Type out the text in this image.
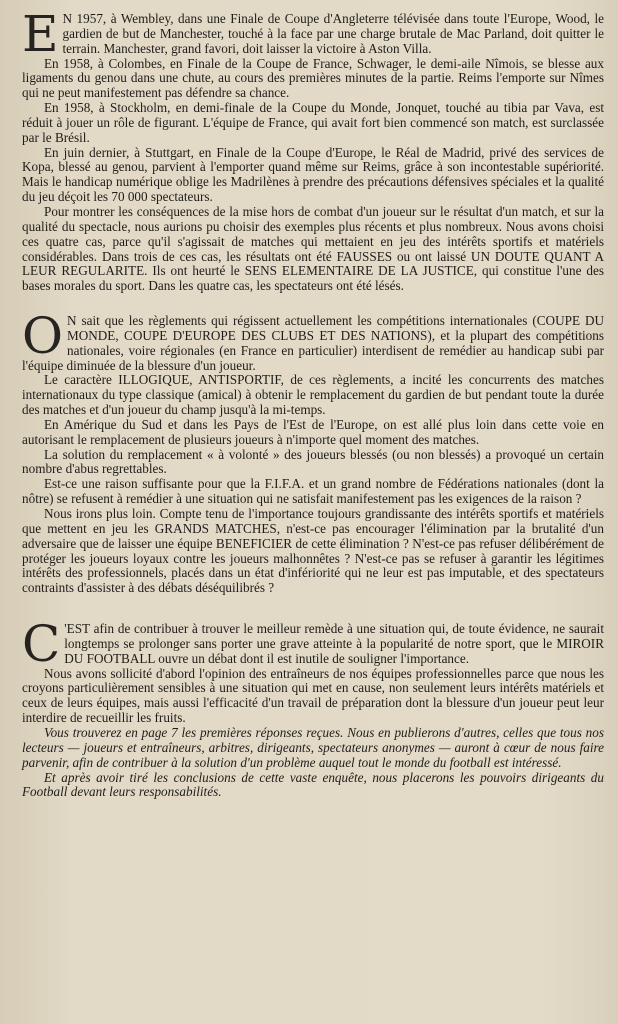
E N 1957, à Wembley, dans une Finale de Coupe d'Angleterre télévisée dans toute l'Europe, Wood, le gardien de but de Manchester, touché à la face par une charge brutale de Mac Parland, doit quitter le terrain. Manchester, grand favori, doit laisser la victoire à Aston Villa.

En 1958, à Colombes, en Finale de la Coupe de France, Schwager, le demi-aile Nîmois, se blesse aux ligaments du genou dans une chute, au cours des premières minutes de la partie. Reims l'emporte sur Nîmes qui ne peut manifestement pas défendre sa chance.

En 1958, à Stockholm, en demi-finale de la Coupe du Monde, Jonquet, touché au tibia par Vava, est réduit à jouer un rôle de figurant. L'équipe de France, qui avait fort bien commencé son match, est surclassée par le Brésil.

En juin dernier, à Stuttgart, en Finale de la Coupe d'Europe, le Réal de Madrid, privé des services de Kopa, blessé au genou, parvient à l'emporter quand même sur Reims, grâce à son incontestable supériorité. Mais le handicap numérique oblige les Madrilènes à prendre des précautions défensives spéciales et la qualité du jeu déçoit les 70 000 spectateurs.

Pour montrer les conséquences de la mise hors de combat d'un joueur sur le résultat d'un match, et sur la qualité du spectacle, nous aurions pu choisir des exemples plus récents et plus nombreux. Nous avons choisi ces quatre cas, parce qu'il s'agissait de matches qui mettaient en jeu des intérêts sportifs et matériels considérables. Dans trois de ces cas, les résultats ont été FAUSSES ou ont laissé UN DOUTE QUANT A LEUR REGULARITE. Ils ont heurté le SENS ELEMENTAIRE DE LA JUSTICE, qui constitue l'une des bases morales du sport. Dans les quatre cas, les spectateurs ont été lésés.

O N sait que les règlements qui régissent actuellement les compétitions internationales (COUPE DU MONDE, COUPE D'EUROPE DES CLUBS ET DES NATIONS), et la plupart des compétitions nationales, voire régionales (en France en particulier) interdisent de remédier au handicap subi par l'équipe diminuée de la blessure d'un joueur.

Le caractère ILLOGIQUE, ANTISPORTIF, de ces règlements, a incité les concurrents des matches internationaux du type classique (amical) à obtenir le remplacement du gardien de but pendant toute la durée des matches et d'un joueur du champ jusqu'à la mi-temps.

En Amérique du Sud et dans les Pays de l'Est de l'Europe, on est allé plus loin dans cette voie en autorisant le remplacement de plusieurs joueurs à n'importe quel moment des matches.

La solution du remplacement « à volonté » des joueurs blessés (ou non blessés) a provoqué un certain nombre d'abus regrettables.

Est-ce une raison suffisante pour que la F.I.F.A. et un grand nombre de Fédérations nationales (dont la nôtre) se refusent à remédier à une situation qui ne satisfait manifestement pas les exigences de la raison ?

Nous irons plus loin. Compte tenu de l'importance toujours grandissante des intérêts sportifs et matériels que mettent en jeu les GRANDS MATCHES, n'est-ce pas encourager l'élimination par la brutalité d'un adversaire que de laisser une équipe BENEFICIER de cette élimination ? N'est-ce pas refuser délibérément de protéger les joueurs loyaux contre les joueurs malhonnêtes ? N'est-ce pas se refuser à garantir les légitimes intérêts des professionnels, placés dans un état d'infériorité qui ne leur est pas imputable, et des spectateurs contraints d'assister à des débats déséquilibrés ?

C 'EST afin de contribuer à trouver le meilleur remède à une situation qui, de toute évidence, ne saurait longtemps se prolonger sans porter une grave atteinte à la popularité de notre sport, que le MIROIR DU FOOTBALL ouvre un débat dont il est inutile de souligner l'importance.

Nous avons sollicité d'abord l'opinion des entraîneurs de nos équipes professionnelles parce que nous les croyons particulièrement sensibles à une situation qui met en cause, non seulement leurs intérêts matériels et ceux de leurs équipes, mais aussi l'efficacité d'un travail de préparation dont la blessure d'un joueur peut leur interdire de recueillir les fruits.

Vous trouverez en page 7 les premières réponses reçues. Nous en publierons d'autres, celles que tous nos lecteurs — joueurs et entraîneurs, arbitres, dirigeants, spectateurs anonymes — auront à cœur de nous faire parvenir, afin de contribuer à la solution d'un problème auquel tout le monde du football est intéressé.

Et après avoir tiré les conclusions de cette vaste enquête, nous placerons les pouvoirs dirigeants du Football devant leurs responsabilités.
